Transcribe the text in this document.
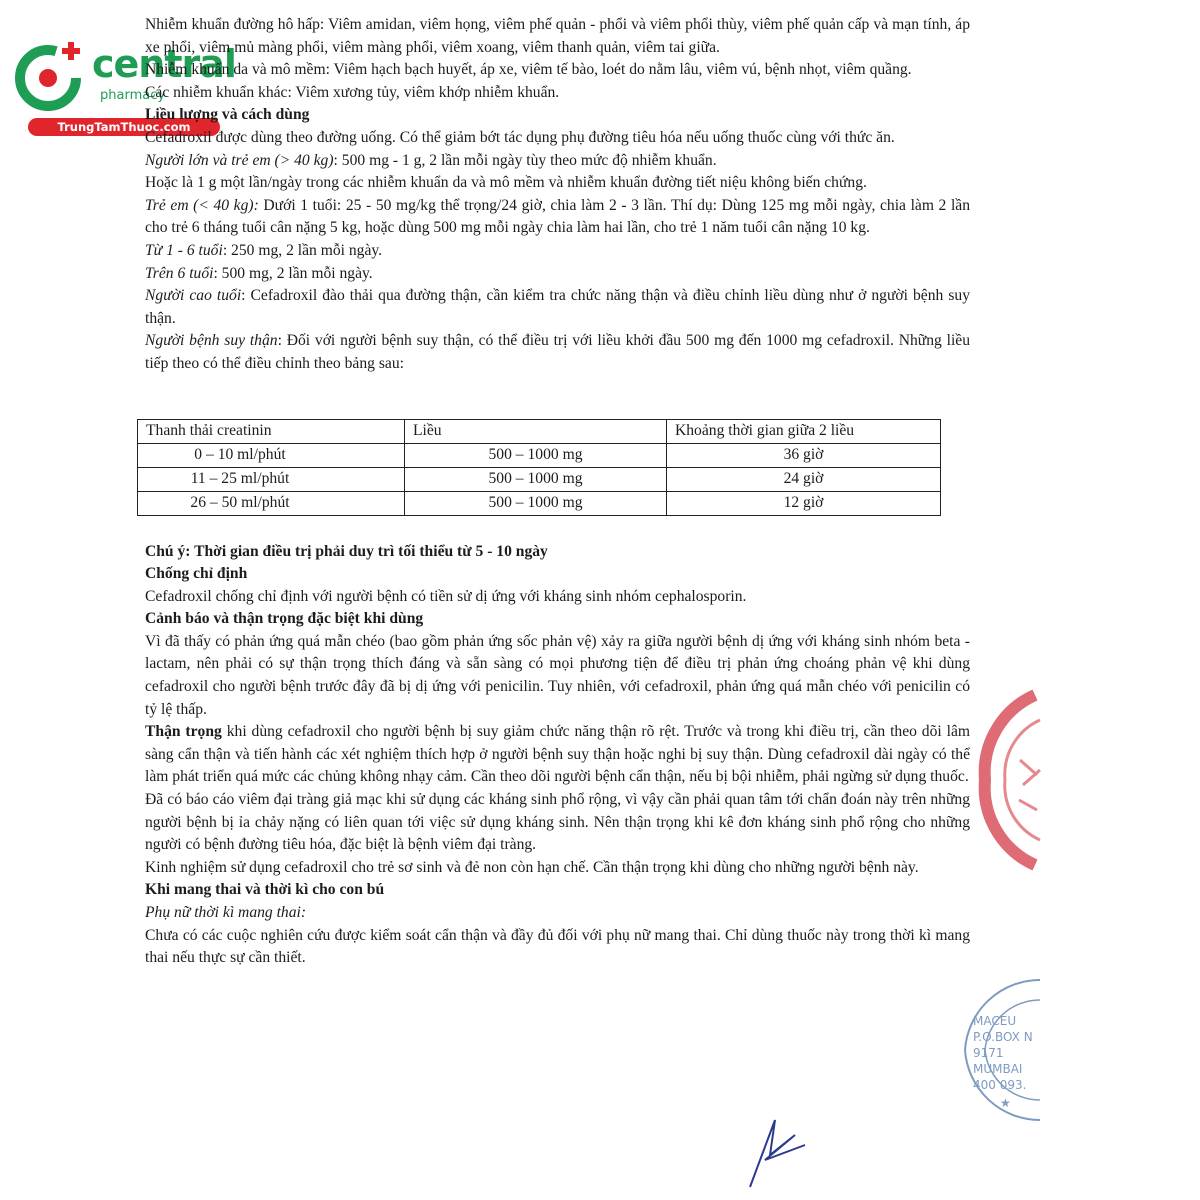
central
pharmacy
TrungTamThuoc.com

Nhiễm khuẩn đường hô hấp: Viêm amidan, viêm họng, viêm phế quản - phổi và viêm phổi thùy, viêm phế quản cấp và mạn tính, áp xe phổi, viêm mủ màng phổi, viêm màng phổi, viêm xoang, viêm thanh quản, viêm tai giữa.

Nhiễm khuẩn da và mô mềm: Viêm hạch bạch huyết, áp xe, viêm tế bào, loét do nằm lâu, viêm vú, bệnh nhọt, viêm quầng.

Các nhiễm khuẩn khác: Viêm xương tủy, viêm khớp nhiễm khuẩn.

Liều lượng và cách dùng

Cefadroxil được dùng theo đường uống. Có thể giảm bớt tác dụng phụ đường tiêu hóa nếu uống thuốc cùng với thức ăn.

Người lớn và trẻ em (> 40 kg): 500 mg - 1 g, 2 lần mỗi ngày tùy theo mức độ nhiễm khuẩn.

Hoặc là 1 g một lần/ngày trong các nhiễm khuẩn da và mô mềm và nhiễm khuẩn đường tiết niệu không biến chứng.

Trẻ em (< 40 kg): Dưới 1 tuổi: 25 - 50 mg/kg thể trọng/24 giờ, chia làm 2 - 3 lần. Thí dụ: Dùng 125 mg mỗi ngày, chia làm 2 lần cho trẻ 6 tháng tuổi cân nặng 5 kg, hoặc dùng 500 mg mỗi ngày chia làm hai lần, cho trẻ 1 năm tuổi cân nặng 10 kg.

Từ 1 - 6 tuổi: 250 mg, 2 lần mỗi ngày.

Trên 6 tuổi: 500 mg, 2 lần mỗi ngày.

Người cao tuổi: Cefadroxil đào thải qua đường thận, cần kiểm tra chức năng thận và điều chỉnh liều dùng như ở người bệnh suy thận.

Người bệnh suy thận: Đối với người bệnh suy thận, có thể điều trị với liều khởi đầu 500 mg đến 1000 mg cefadroxil. Những liều tiếp theo có thể điều chỉnh theo bảng sau:

Thanh thải creatinin	Liều	Khoảng thời gian giữa 2 liều
0 – 10 ml/phút	500 – 1000 mg	36 giờ
11 – 25 ml/phút	500 – 1000 mg	24 giờ
26 – 50 ml/phút	500 – 1000 mg	12 giờ

Chú ý: Thời gian điều trị phải duy trì tối thiểu từ 5 - 10 ngày

Chống chỉ định

Cefadroxil chống chỉ định với người bệnh có tiền sử dị ứng với kháng sinh nhóm cephalosporin.

Cảnh báo và thận trọng đặc biệt khi dùng

Vì đã thấy có phản ứng quá mẫn chéo (bao gồm phản ứng sốc phản vệ) xảy ra giữa người bệnh dị ứng với kháng sinh nhóm beta - lactam, nên phải có sự thận trọng thích đáng và sẵn sàng có mọi phương tiện để điều trị phản ứng choáng phản vệ khi dùng cefadroxil cho người bệnh trước đây đã bị dị ứng với penicilin. Tuy nhiên, với cefadroxil, phản ứng quá mẫn chéo với penicilin có tỷ lệ thấp.

Thận trọng khi dùng cefadroxil cho người bệnh bị suy giảm chức năng thận rõ rệt. Trước và trong khi điều trị, cần theo dõi lâm sàng cẩn thận và tiến hành các xét nghiệm thích hợp ở người bệnh suy thận hoặc nghi bị suy thận. Dùng cefadroxil dài ngày có thể làm phát triển quá mức các chủng không nhạy cảm. Cần theo dõi người bệnh cẩn thận, nếu bị bội nhiễm, phải ngừng sử dụng thuốc.

Đã có báo cáo viêm đại tràng giả mạc khi sử dụng các kháng sinh phổ rộng, vì vậy cần phải quan tâm tới chẩn đoán này trên những người bệnh bị ỉa chảy nặng có liên quan tới việc sử dụng kháng sinh. Nên thận trọng khi kê đơn kháng sinh phổ rộng cho những người có bệnh đường tiêu hóa, đặc biệt là bệnh viêm đại tràng.

Kinh nghiệm sử dụng cefadroxil cho trẻ sơ sinh và đẻ non còn hạn chế. Cần thận trọng khi dùng cho những người bệnh này.

Khi mang thai và thời kì cho con bú

Phụ nữ thời kì mang thai:

Chưa có các cuộc nghiên cứu được kiểm soát cẩn thận và đầy đủ đối với phụ nữ mang thai. Chỉ dùng thuốc này trong thời kì mang thai nếu thực sự cần thiết.

★
MACEU P.O.BOX N 9171 MUMBAI 400 093.
